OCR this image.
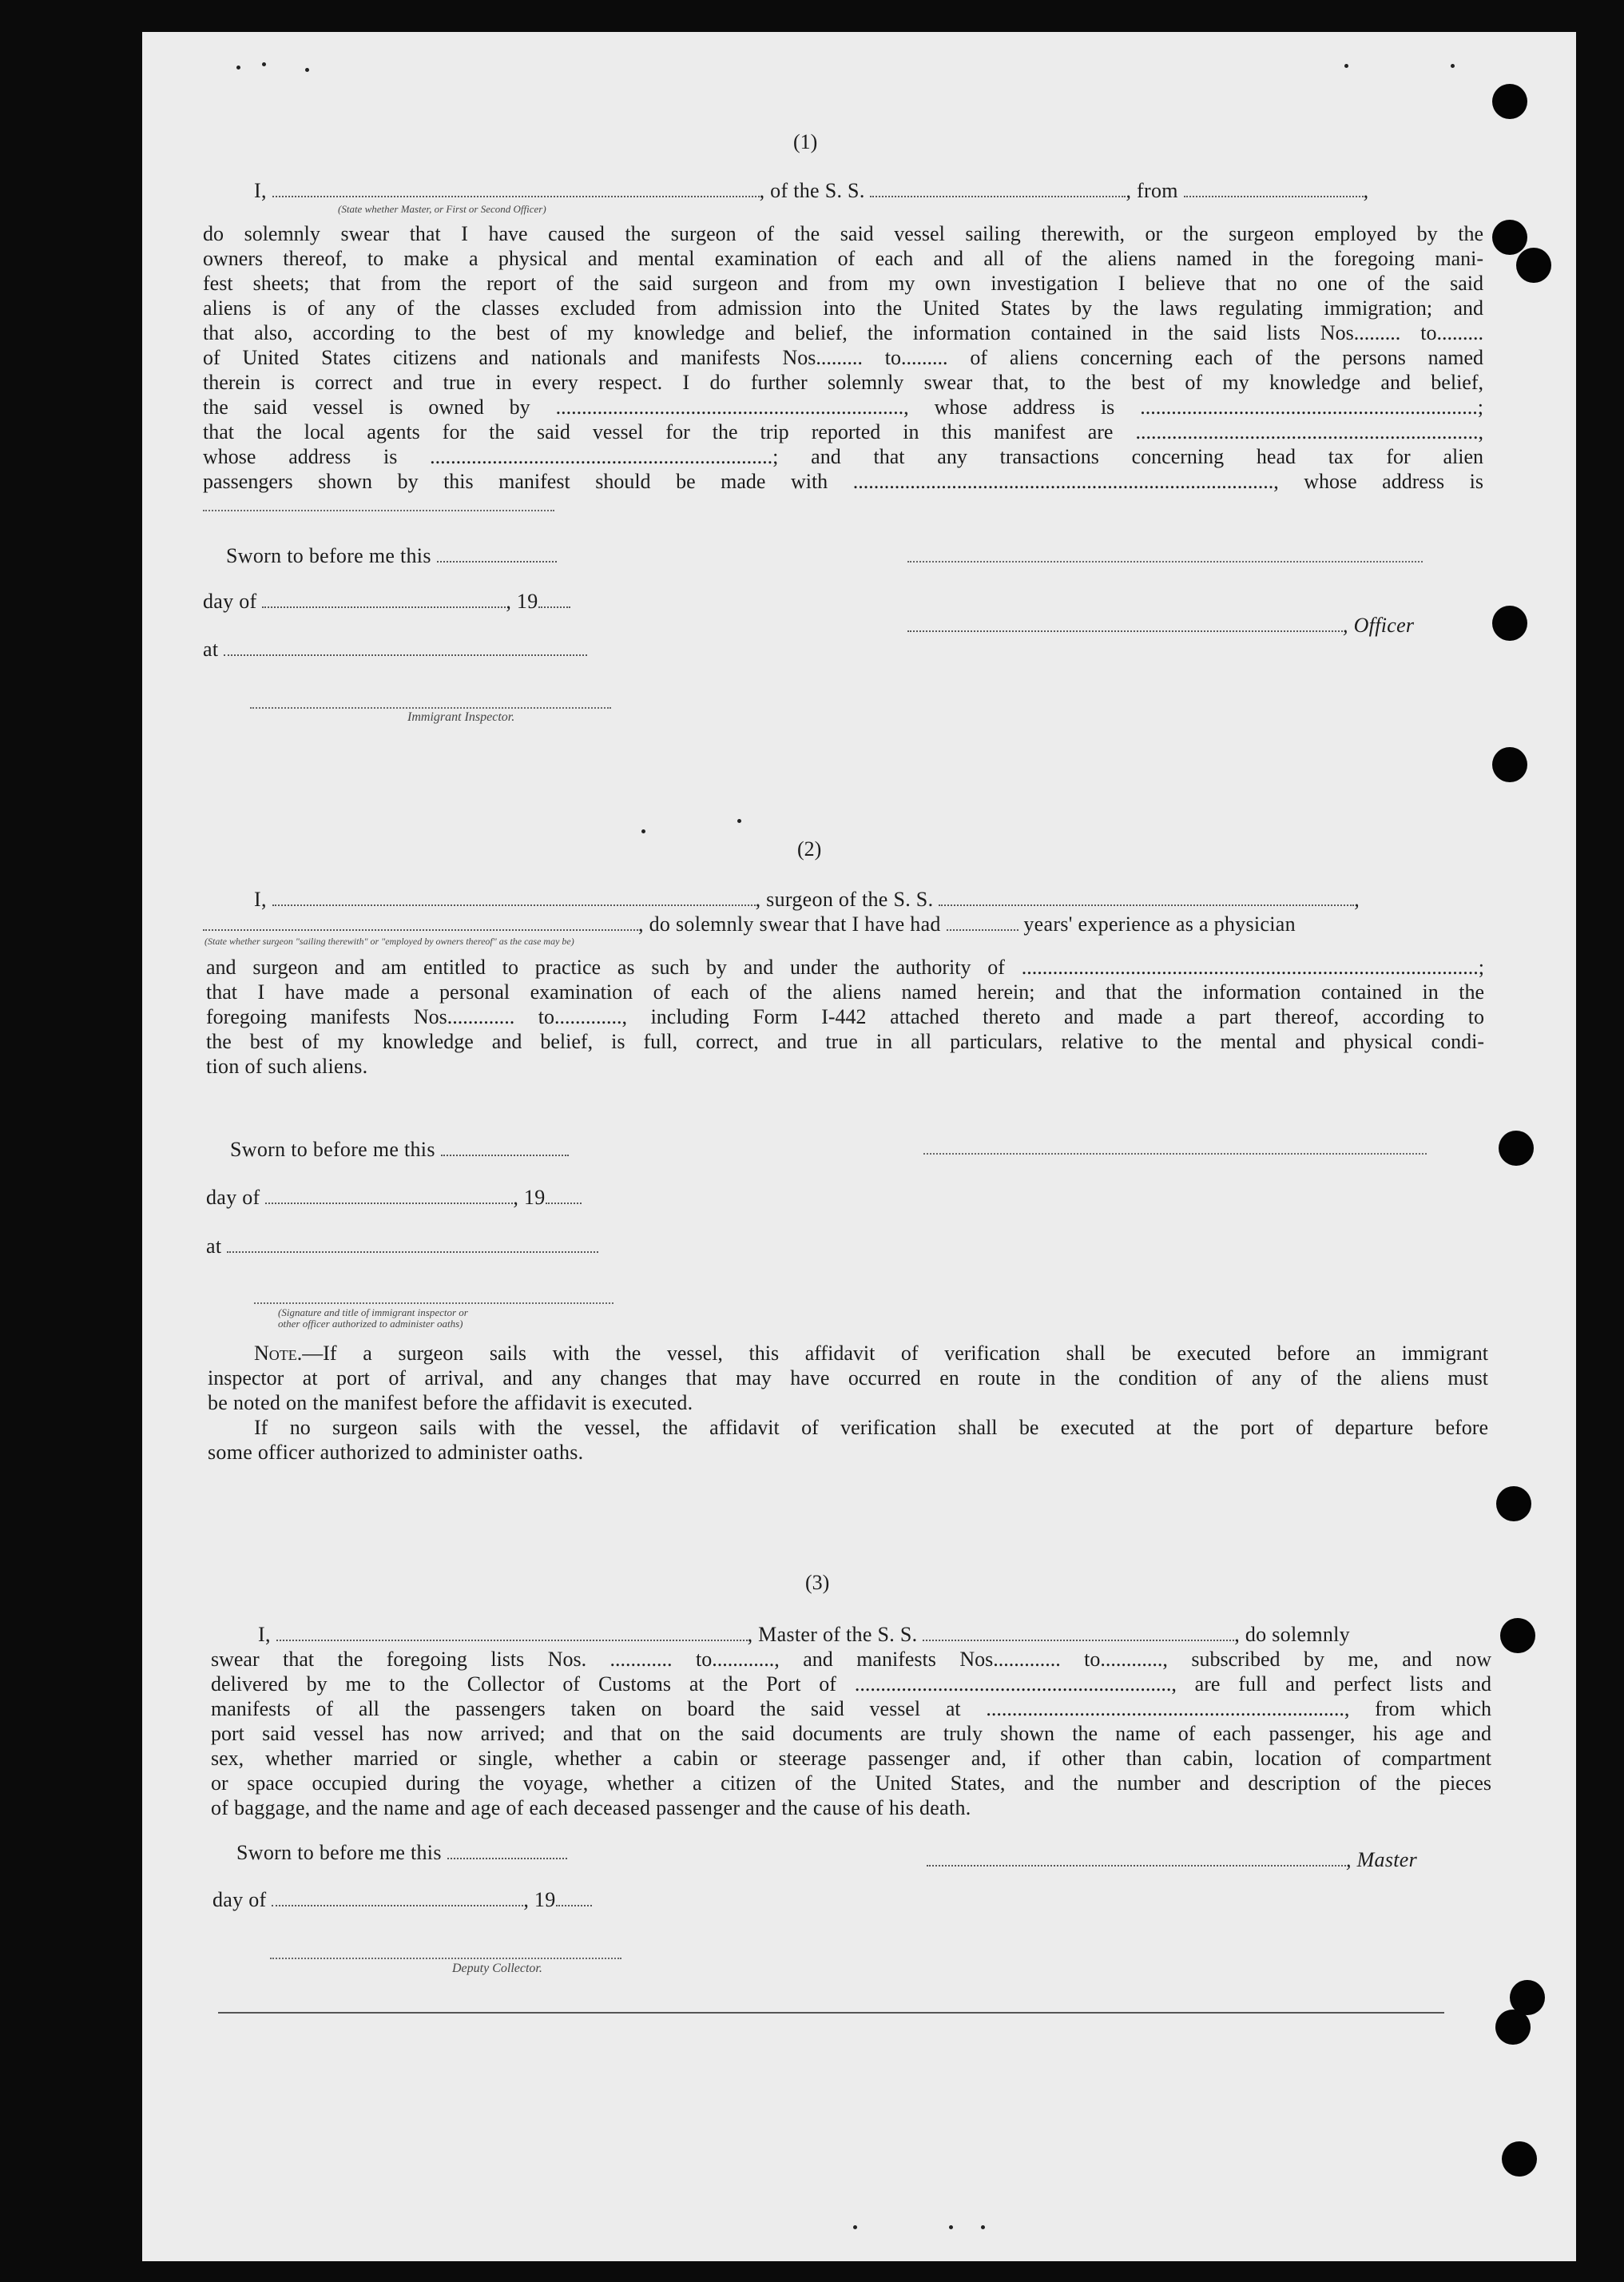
(1)
I,	, of the S. S.	, from	,
(State whether Master, or First or Second Officer)
do solemnly swear that I have caused the surgeon of the said vessel sailing therewith, or the surgeon employed by the
owners thereof, to make a physical and mental examination of each and all of the aliens named in the foregoing mani-
fest sheets; that from the report of the said surgeon and from my own investigation I believe that no one of the said
aliens is of any of the classes excluded from admission into the United States by the laws regulating immigration; and
that also, according to the best of my knowledge and belief, the information contained in the said lists Nos......... to.........
of United States citizens and nationals and manifests Nos......... to......... of aliens concerning each of the persons named
therein is correct and true in every respect. I do further solemnly swear that, to the best of my knowledge and belief,
the said vessel is owned by ..................................................................., whose address is .................................................................;
that the local agents for the said vessel for the trip reported in this manifest are ..................................................................,
whose address is ..................................................................; and that any transactions concerning head tax for alien
passengers shown by this manifest should be made with ................................................................................., whose address is
Sworn to before me this
day of	, 19
, Officer
at
Immigrant Inspector.
(2)
I,	, surgeon of the S. S.	,
, do solemnly swear that I have had	years' experience as a physician
(State whether surgeon "sailing therewith" or "employed by owners thereof" as the case may be)
and surgeon and am entitled to practice as such by and under the authority of ........................................................................................;
that I have made a personal examination of each of the aliens named herein; and that the information contained in the
foregoing manifests Nos............. to............., including Form I-442 attached thereto and made a part thereof, according to
the best of my knowledge and belief, is full, correct, and true in all particulars, relative to the mental and physical condi-
tion of such aliens.
Sworn to before me this
day of	, 19
at
(Signature and title of immigrant inspector or
other officer authorized to administer oaths)
Note.—If a surgeon sails with the vessel, this affidavit of verification shall be executed before an immigrant
inspector at port of arrival, and any changes that may have occurred en route in the condition of any of the aliens must
be noted on the manifest before the affidavit is executed.
If no surgeon sails with the vessel, the affidavit of verification shall be executed at the port of departure before
some officer authorized to administer oaths.
(3)
I,	, Master of the S. S.	, do solemnly
swear that the foregoing lists Nos. ............ to............, and manifests Nos............. to............, subscribed by me, and now
delivered by me to the Collector of Customs at the Port of ............................................................., are full and perfect lists and
manifests of all the passengers taken on board the said vessel at ....................................................................., from which
port said vessel has now arrived; and that on the said documents are truly shown the name of each passenger, his age and
sex, whether married or single, whether a cabin or steerage passenger and, if other than cabin, location of compartment
or space occupied during the voyage, whether a citizen of the United States, and the number and description of the pieces
of baggage, and the name and age of each deceased passenger and the cause of his death.
Sworn to before me this	, Master
day of	, 19
Deputy Collector.
